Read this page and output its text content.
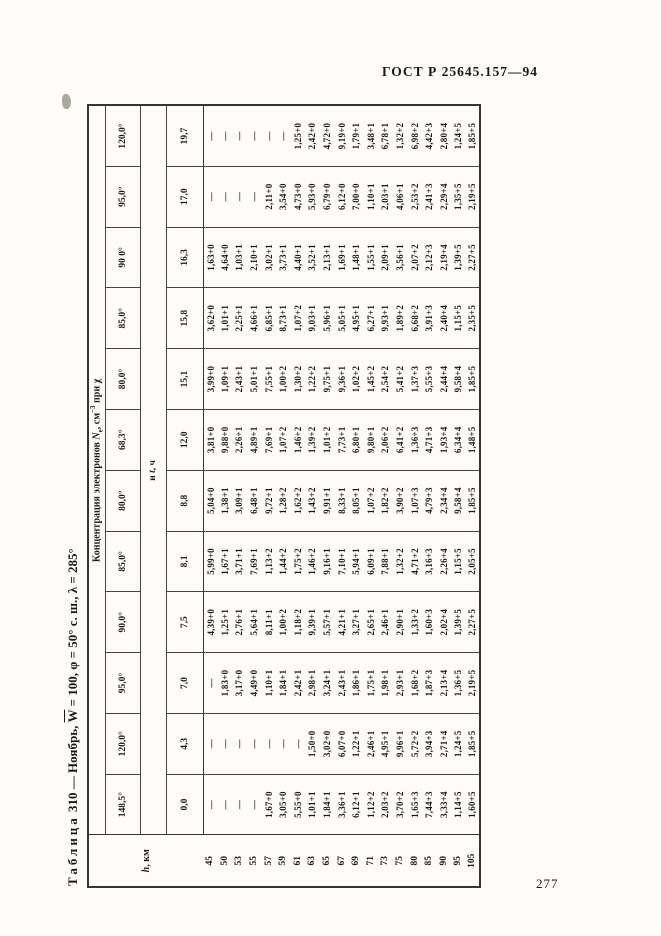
ГОСТ Р 25645.157—94
Таблица 310 — Ноябрь, $\overline{W} = 100$, φ = 50° с. ш., λ = 285°
h, км	Концентрация электронов $N_e$, $см^{-3}$ при χ											
	148,5°	120,0°	95,0°	90,0°	85,0°	80,0°	68,3°	80,0°	85,0°	90 0°	95,0°	120,0°
	и t, ч											
	0,0	4,3	7,0	7,5	8,1	8,8	12,0	15,1	15,8	16,3	17,0	19,7
45	—	—	—	4,39+0	5,99+0	5,04+0	3,81+0	3,99+0	3,62+0	1,63+0	—	—
50	—	—	1,83+0	1,25+1	1,67+1	1,38+1	9,88+0	1,09+1	1,01+1	4,64+0	—	—
53	—	—	3,17+0	2,76+1	3,71+1	3,09+1	2,26+1	2,43+1	2,25+1	1,03+1	—	—
55	—	—	4,49+0	5,64+1	7,69+1	6,48+1	4,89+1	5,01+1	4,66+1	2,10+1	—	—
57	1,67+0	—	1,10+1	8,11+1	1,13+2	9,72+1	7,69+1	7,55+1	6,85+1	3,02+1	2,11+0	—
59	3,05+0	—	1,84+1	1,00+2	1,44+2	1,28+2	1,07+2	1,00+2	8,73+1	3,73+1	3,54+0	—
61	5,55+0	—	2,42+1	1,18+2	1,75+2	1,62+2	1,46+2	1,30+2	1,07+2	4,40+1	4,73+0	1,25+0
63	1,01+1	1,50+0	2,98+1	9,39+1	1,46+2	1,43+2	1,39+2	1,22+2	9,03+1	3,52+1	5,93+0	2,42+0
65	1,84+1	3,02+0	3,24+1	5,57+1	9,16+1	9,91+1	1,01+2	9,75+1	5,96+1	2,13+1	6,79+0	4,72+0
67	3,36+1	6,07+0	2,43+1	4,21+1	7,10+1	8,33+1	7,73+1	9,36+1	5,05+1	1,69+1	6,12+0	9,19+0
69	6,12+1	1,22+1	1,86+1	3,27+1	5,94+1	8,05+1	6,80+1	1,02+2	4,95+1	1,48+1	7,00+0	1,79+1
71	1,12+2	2,46+1	1,75+1	2,65+1	6,09+1	1,07+2	9,80+1	1,45+2	6,27+1	1,55+1	1,10+1	3,48+1
73	2,03+2	4,95+1	1,98+1	2,46+1	7,88+1	1,82+2	2,06+2	2,54+2	9,93+1	2,09+1	2,03+1	6,78+1
75	3,70+2	9,96+1	2,93+1	2,90+1	1,32+2	3,90+2	6,41+2	5,41+2	1,89+2	3,56+1	4,06+1	1,32+2
80	1,65+3	5,72+2	1,68+2	1,33+2	4,71+2	1,07+3	1,36+3	1,37+3	6,68+2	2,07+2	2,53+2	6,98+2
85	7,44+3	3,94+3	1,87+3	1,60+3	3,16+3	4,79+3	4,71+3	5,55+3	3,91+3	2,12+3	2,41+3	4,42+3
90	3,33+4	2,71+4	2,13+4	2,02+4	2,26+4	2,34+4	1,93+4	2,44+4	2,40+4	2,19+4	2,29+4	2,80+4
95	1,14+5	1,24+5	1,36+5	1,39+5	1,15+5	9,58+4	6,34+4	9,58+4	1,15+5	1,39+5	1,35+5	1,24+5
105	1,60+5	1,85+5	2,19+5	2,27+5	2,05+5	1,85+5	1,48+5	1,85+5	2,35+5	2,27+5	2,19+5	1,85+5
277
